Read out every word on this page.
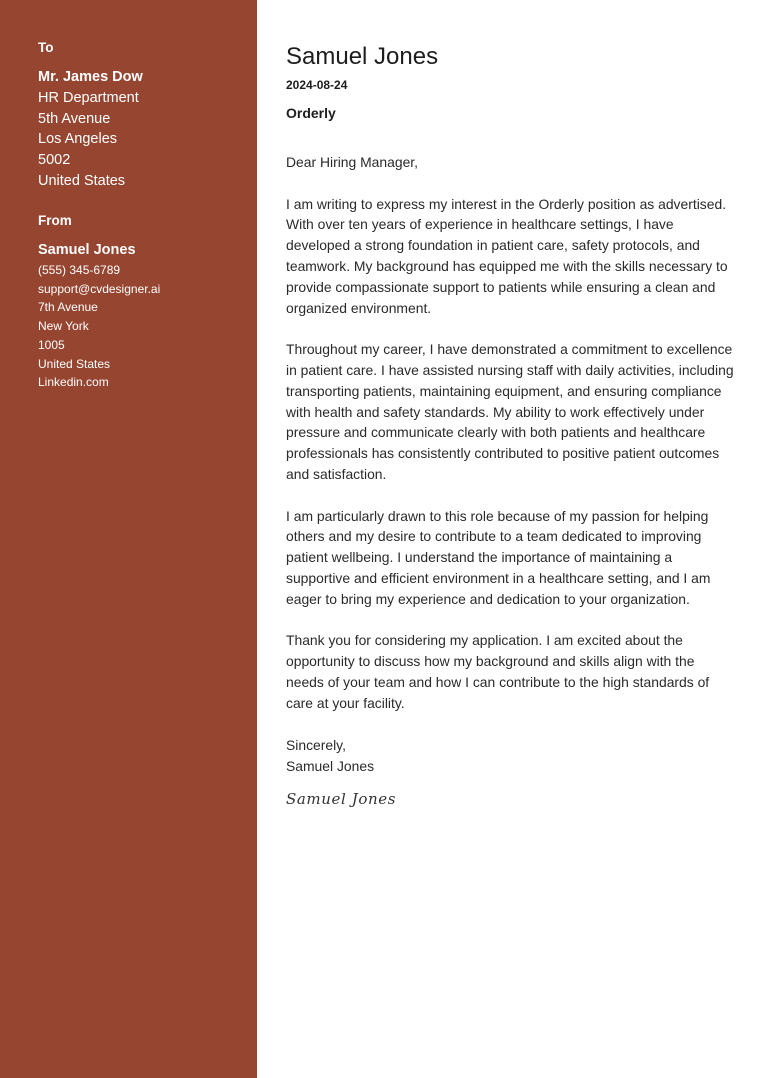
To
Mr. James Dow
HR Department
5th Avenue
Los Angeles
5002
United States
From
Samuel Jones
(555) 345-6789
support@cvdesigner.ai
7th Avenue
New York
1005
United States
Linkedin.com
Samuel Jones
2024-08-24
Orderly

Dear Hiring Manager,

I am writing to express my interest in the Orderly position as advertised. With over ten years of experience in healthcare settings, I have developed a strong foundation in patient care, safety protocols, and teamwork. My background has equipped me with the skills necessary to provide compassionate support to patients while ensuring a clean and organized environment.

Throughout my career, I have demonstrated a commitment to excellence in patient care. I have assisted nursing staff with daily activities, including transporting patients, maintaining equipment, and ensuring compliance with health and safety standards. My ability to work effectively under pressure and communicate clearly with both patients and healthcare professionals has consistently contributed to positive patient outcomes and satisfaction.

I am particularly drawn to this role because of my passion for helping others and my desire to contribute to a team dedicated to improving patient wellbeing. I understand the importance of maintaining a supportive and efficient environment in a healthcare setting, and I am eager to bring my experience and dedication to your organization.

Thank you for considering my application. I am excited about the opportunity to discuss how my background and skills align with the needs of your team and how I can contribute to the high standards of care at your facility.

Sincerely,
Samuel Jones
Samuel Jones
